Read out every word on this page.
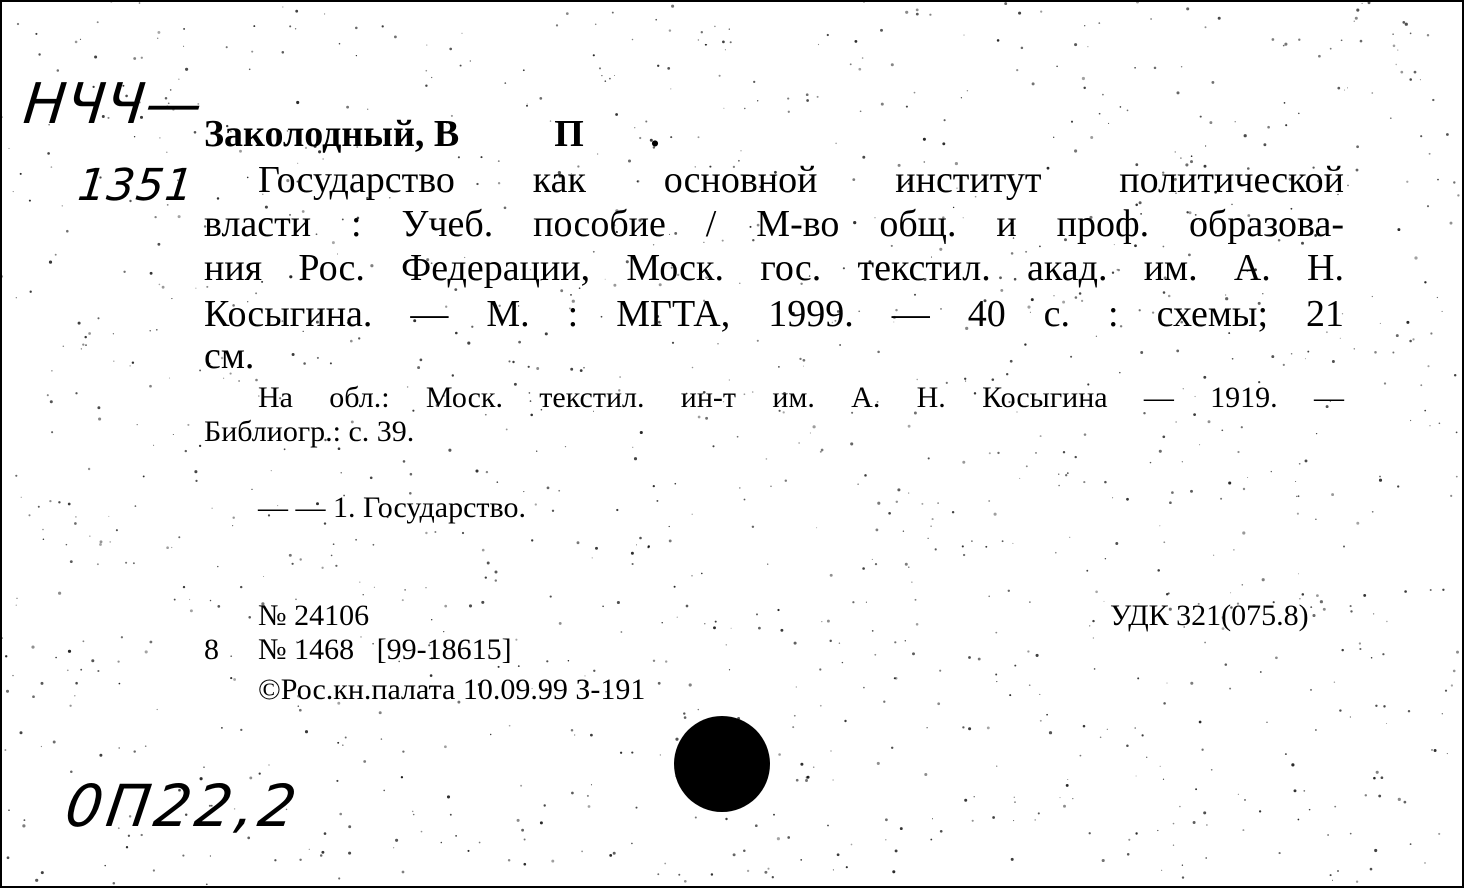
НЧЧ—
1351
Заколодный, В          П       .
Государство как основной институт политической
власти : Учеб. пособие / М-во общ. и проф. образова-
ния Рос. Федерации, Моск. гос. текстил. акад. им. А. Н.
Косыгина. — М. : МГТА, 1999. — 40 с. : схемы; 21
см.
На обл.: Моск. текстил. ин-т им. А. Н. Косыгина — 1919. —
Библиогр.: с. 39.
— — 1. Государство.
№ 24106
8 № 1468   [99-18615]
©Рос.кн.палата 10.09.99 З-191
УДК 321(075.8)
0П22,2
